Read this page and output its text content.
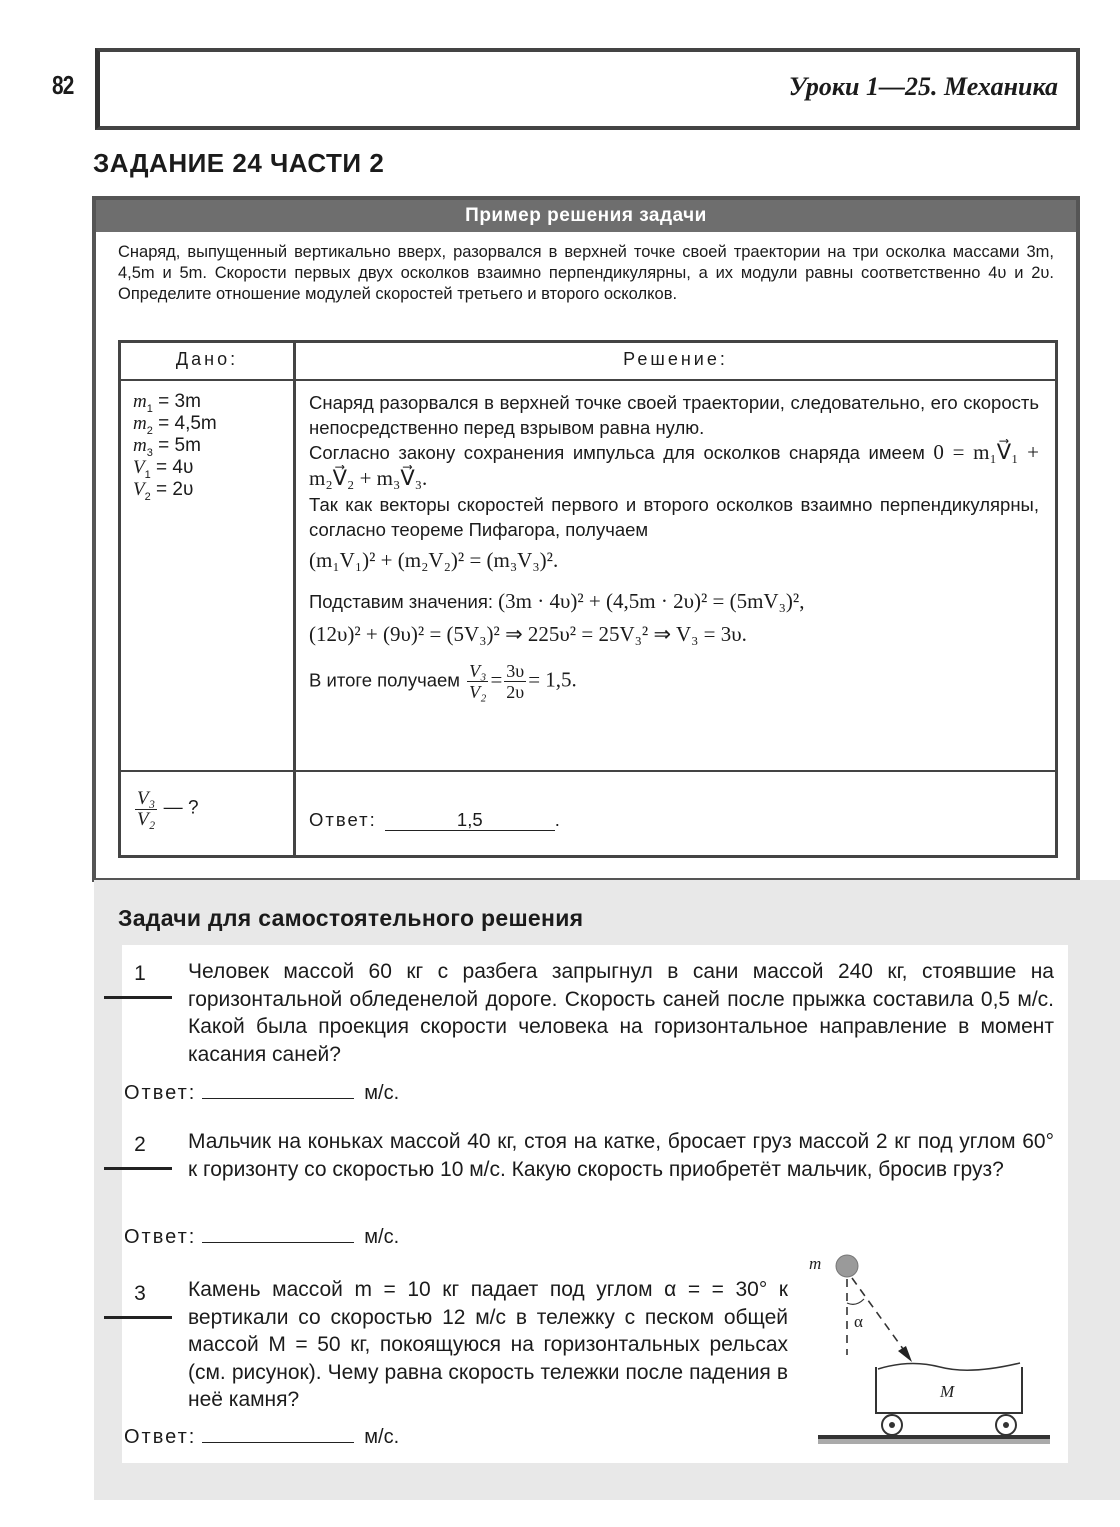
82	Уроки 1—25. Механика
ЗАДАНИЕ 24 ЧАСТИ 2
Пример решения задачи
Снаряд, выпущенный вертикально вверх, разорвался в верхней точке своей траектории на три осколка массами 3m, 4,5m и 5m. Скорости первых двух осколков взаимно перпендикулярны, а их модули равны соответственно 4υ и 2υ. Определите отношение модулей скоростей третьего и второго осколков.
Дано:	Решение:
$m_1 = 3m$
$m_2 = 4,5m$
$m_3 = 5m$
$V_1 = 4\upsilon$
$V_2 = 2\upsilon$

Снаряд разорвался в верхней точке своей траектории, следовательно, его скорость непосредственно перед взрывом равна нулю.

Согласно закону сохранения импульса для осколков снаряда имеем 0 = m₁V⃗₁ + m₂V⃗₂ + m₃V⃗₃.

Так как векторы скоростей первого и второго осколков взаимно перпендикулярны, согласно теореме Пифагора, получаем

(m₁V₁)² + (m₂V₂)² = (m₃V₃)².

Подставим значения: (3m · 4υ)² + (4,5m · 2υ)² = (5mV₃)²,

(12υ)² + (9υ)² = (5V₃)² ⇒ 225υ² = 25V₃² ⇒ V₃ = 3υ.

В итоге получаем $\frac{\text{V₃}}{\text{V₂}} = \frac{3\upsilon}{2\upsilon} = 1,5$.

$\frac{\text{V₃}}{\text{V₂}}$ — ?
Ответ:	1,5	.
Задачи для самостоятельного решения
1	Человек массой 60 кг с разбега запрыгнул в сани массой 240 кг, стоявшие на горизонтальной обледенелой дороге. Скорость саней после прыжка составила 0,5 м/с. Какой была проекция скорости человека на горизонтальное направление в момент касания саней?
Ответ:	м/с.
2	Мальчик на коньках массой 40 кг, стоя на катке, бросает груз массой 2 кг под углом 60° к горизонту со скоростью 10 м/с. Какую скорость приобретёт мальчик, бросив груз?
Ответ:	м/с.
3	Камень массой m = 10 кг падает под углом α = = 30° к вертикали со скоростью 12 м/с в тележку с песком общей массой M = 50 кг, покоящуюся на горизонтальных рельсах (см. рисунок). Чему равна скорость тележки после падения в неё камня?
Ответ:	м/с.
m
α
M
